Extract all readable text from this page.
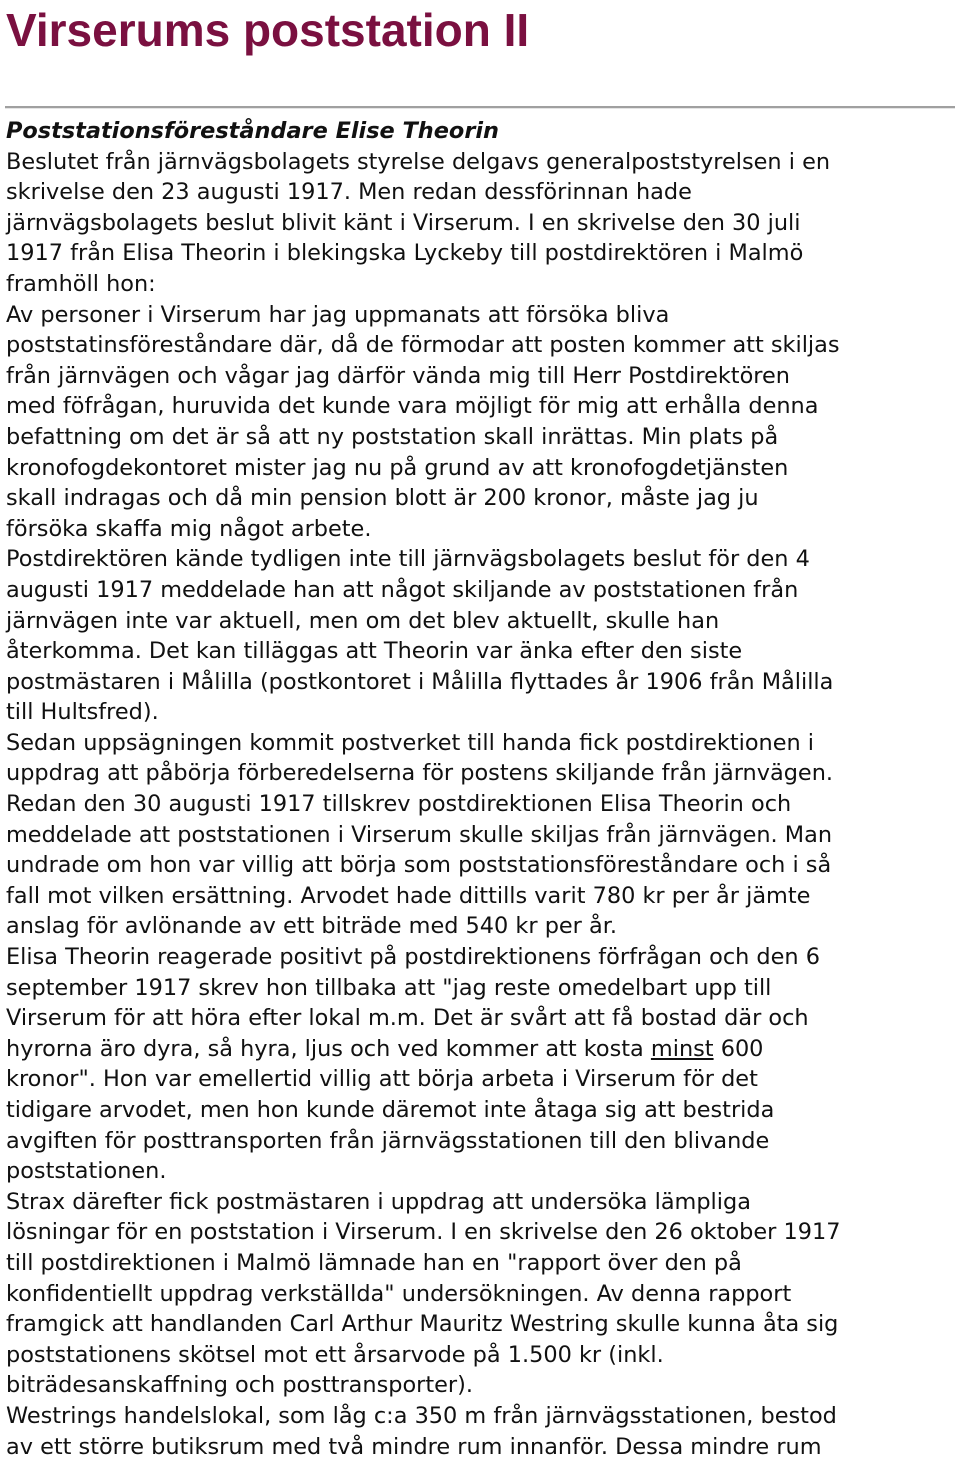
Virserums poststation II
Poststationsföreståndare Elise Theorin
Beslutet från järnvägsbolagets styrelse delgavs generalpoststyrelsen i en
skrivelse den 23 augusti 1917. Men redan dessförinnan hade
järnvägsbolagets beslut blivit känt i Virserum. I en skrivelse den 30 juli
1917 från Elisa Theorin i blekingska Lyckeby till postdirektören i Malmö
framhöll hon:
Av personer i Virserum har jag uppmanats att försöka bliva
poststatinsföreståndare där, då de förmodar att posten kommer att skiljas
från järnvägen och vågar jag därför vända mig till Herr Postdirektören
med föfrågan, huruvida det kunde vara möjligt för mig att erhålla denna
befattning om det är så att ny poststation skall inrättas. Min plats på
kronofogdekontoret mister jag nu på grund av att kronofogdetjänsten
skall indragas och då min pension blott är 200 kronor, måste jag ju
försöka skaffa mig något arbete.
Postdirektören kände tydligen inte till järnvägsbolagets beslut för den 4
augusti 1917 meddelade han att något skiljande av poststationen från
järnvägen inte var aktuell, men om det blev aktuellt, skulle han
återkomma. Det kan tilläggas att Theorin var änka efter den siste
postmästaren i Målilla (postkontoret i Målilla flyttades år 1906 från Målilla
till Hultsfred).
Sedan uppsägningen kommit postverket till handa fick postdirektionen i
uppdrag att påbörja förberedelserna för postens skiljande från järnvägen.
Redan den 30 augusti 1917 tillskrev postdirektionen Elisa Theorin och
meddelade att poststationen i Virserum skulle skiljas från järnvägen. Man
undrade om hon var villig att börja som poststationsföreståndare och i så
fall mot vilken ersättning. Arvodet hade dittills varit 780 kr per år jämte
anslag för avlönande av ett biträde med 540 kr per år.
Elisa Theorin reagerade positivt på postdirektionens förfrågan och den 6
september 1917 skrev hon tillbaka att "jag reste omedelbart upp till
Virserum för att höra efter lokal m.m. Det är svårt att få bostad där och
hyrorna äro dyra, så hyra, ljus och ved kommer att kosta minst 600
kronor". Hon var emellertid villig att börja arbeta i Virserum för det
tidigare arvodet, men hon kunde däremot inte åtaga sig att bestrida
avgiften för posttransporten från järnvägsstationen till den blivande
poststationen.
Strax därefter fick postmästaren i uppdrag att undersöka lämpliga
lösningar för en poststation i Virserum. I en skrivelse den 26 oktober 1917
till postdirektionen i Malmö lämnade han en "rapport över den på
konfidentiellt uppdrag verkställda" undersökningen. Av denna rapport
framgick att handlanden Carl Arthur Mauritz Westring skulle kunna åta sig
poststationens skötsel mot ett årsarvode på 1.500 kr (inkl.
biträdesanskaffning och posttransporter).
Westrings handelslokal, som låg c:a 350 m från järnvägsstationen, bestod
av ett större butiksrum med två mindre rum innanför. Dessa mindre rum
